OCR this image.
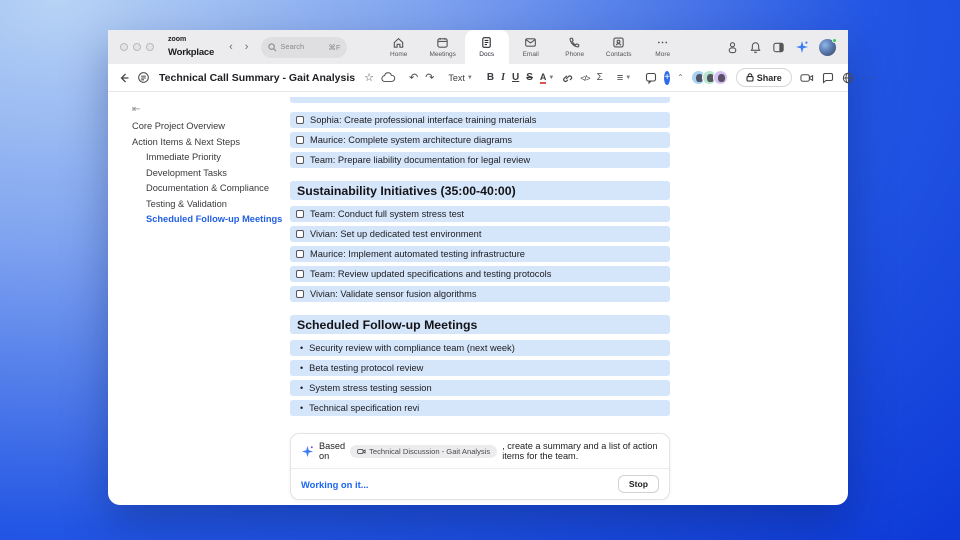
zoom
Workplace ‹ ›	Search	⌘F
Home	Meetings	Docs	Email	Phone	Contacts	More
Technical Call Summary - Gait Analysis ☆	↶ ↷ Text ▼ B I U S A ▼	</> Σ ≡ ▼	+ ⌃	Share	···
⇤
Core Project Overview
Action Items & Next Steps
Immediate Priority
Development Tasks
Documentation & Compliance
Testing & Validation
Scheduled Follow-up Meetings
Sophia: Create professional interface training materials
Maurice: Complete system architecture diagrams
Team: Prepare liability documentation for legal review
Sustainability Initiatives (35:00-40:00)
Team: Conduct full system stress test
Vivian: Set up dedicated test environment
Maurice: Implement automated testing infrastructure
Team: Review updated specifications and testing protocols
Vivian: Validate sensor fusion algorithms
Scheduled Follow-up Meetings
• Security review with compliance team (next week)
• Beta testing protocol review
• System stress testing session
• Technical specification revi
Based on	Technical Discussion - Gait Analysis , create a summary and a list of action items for the team.
Working on it...	Stop
